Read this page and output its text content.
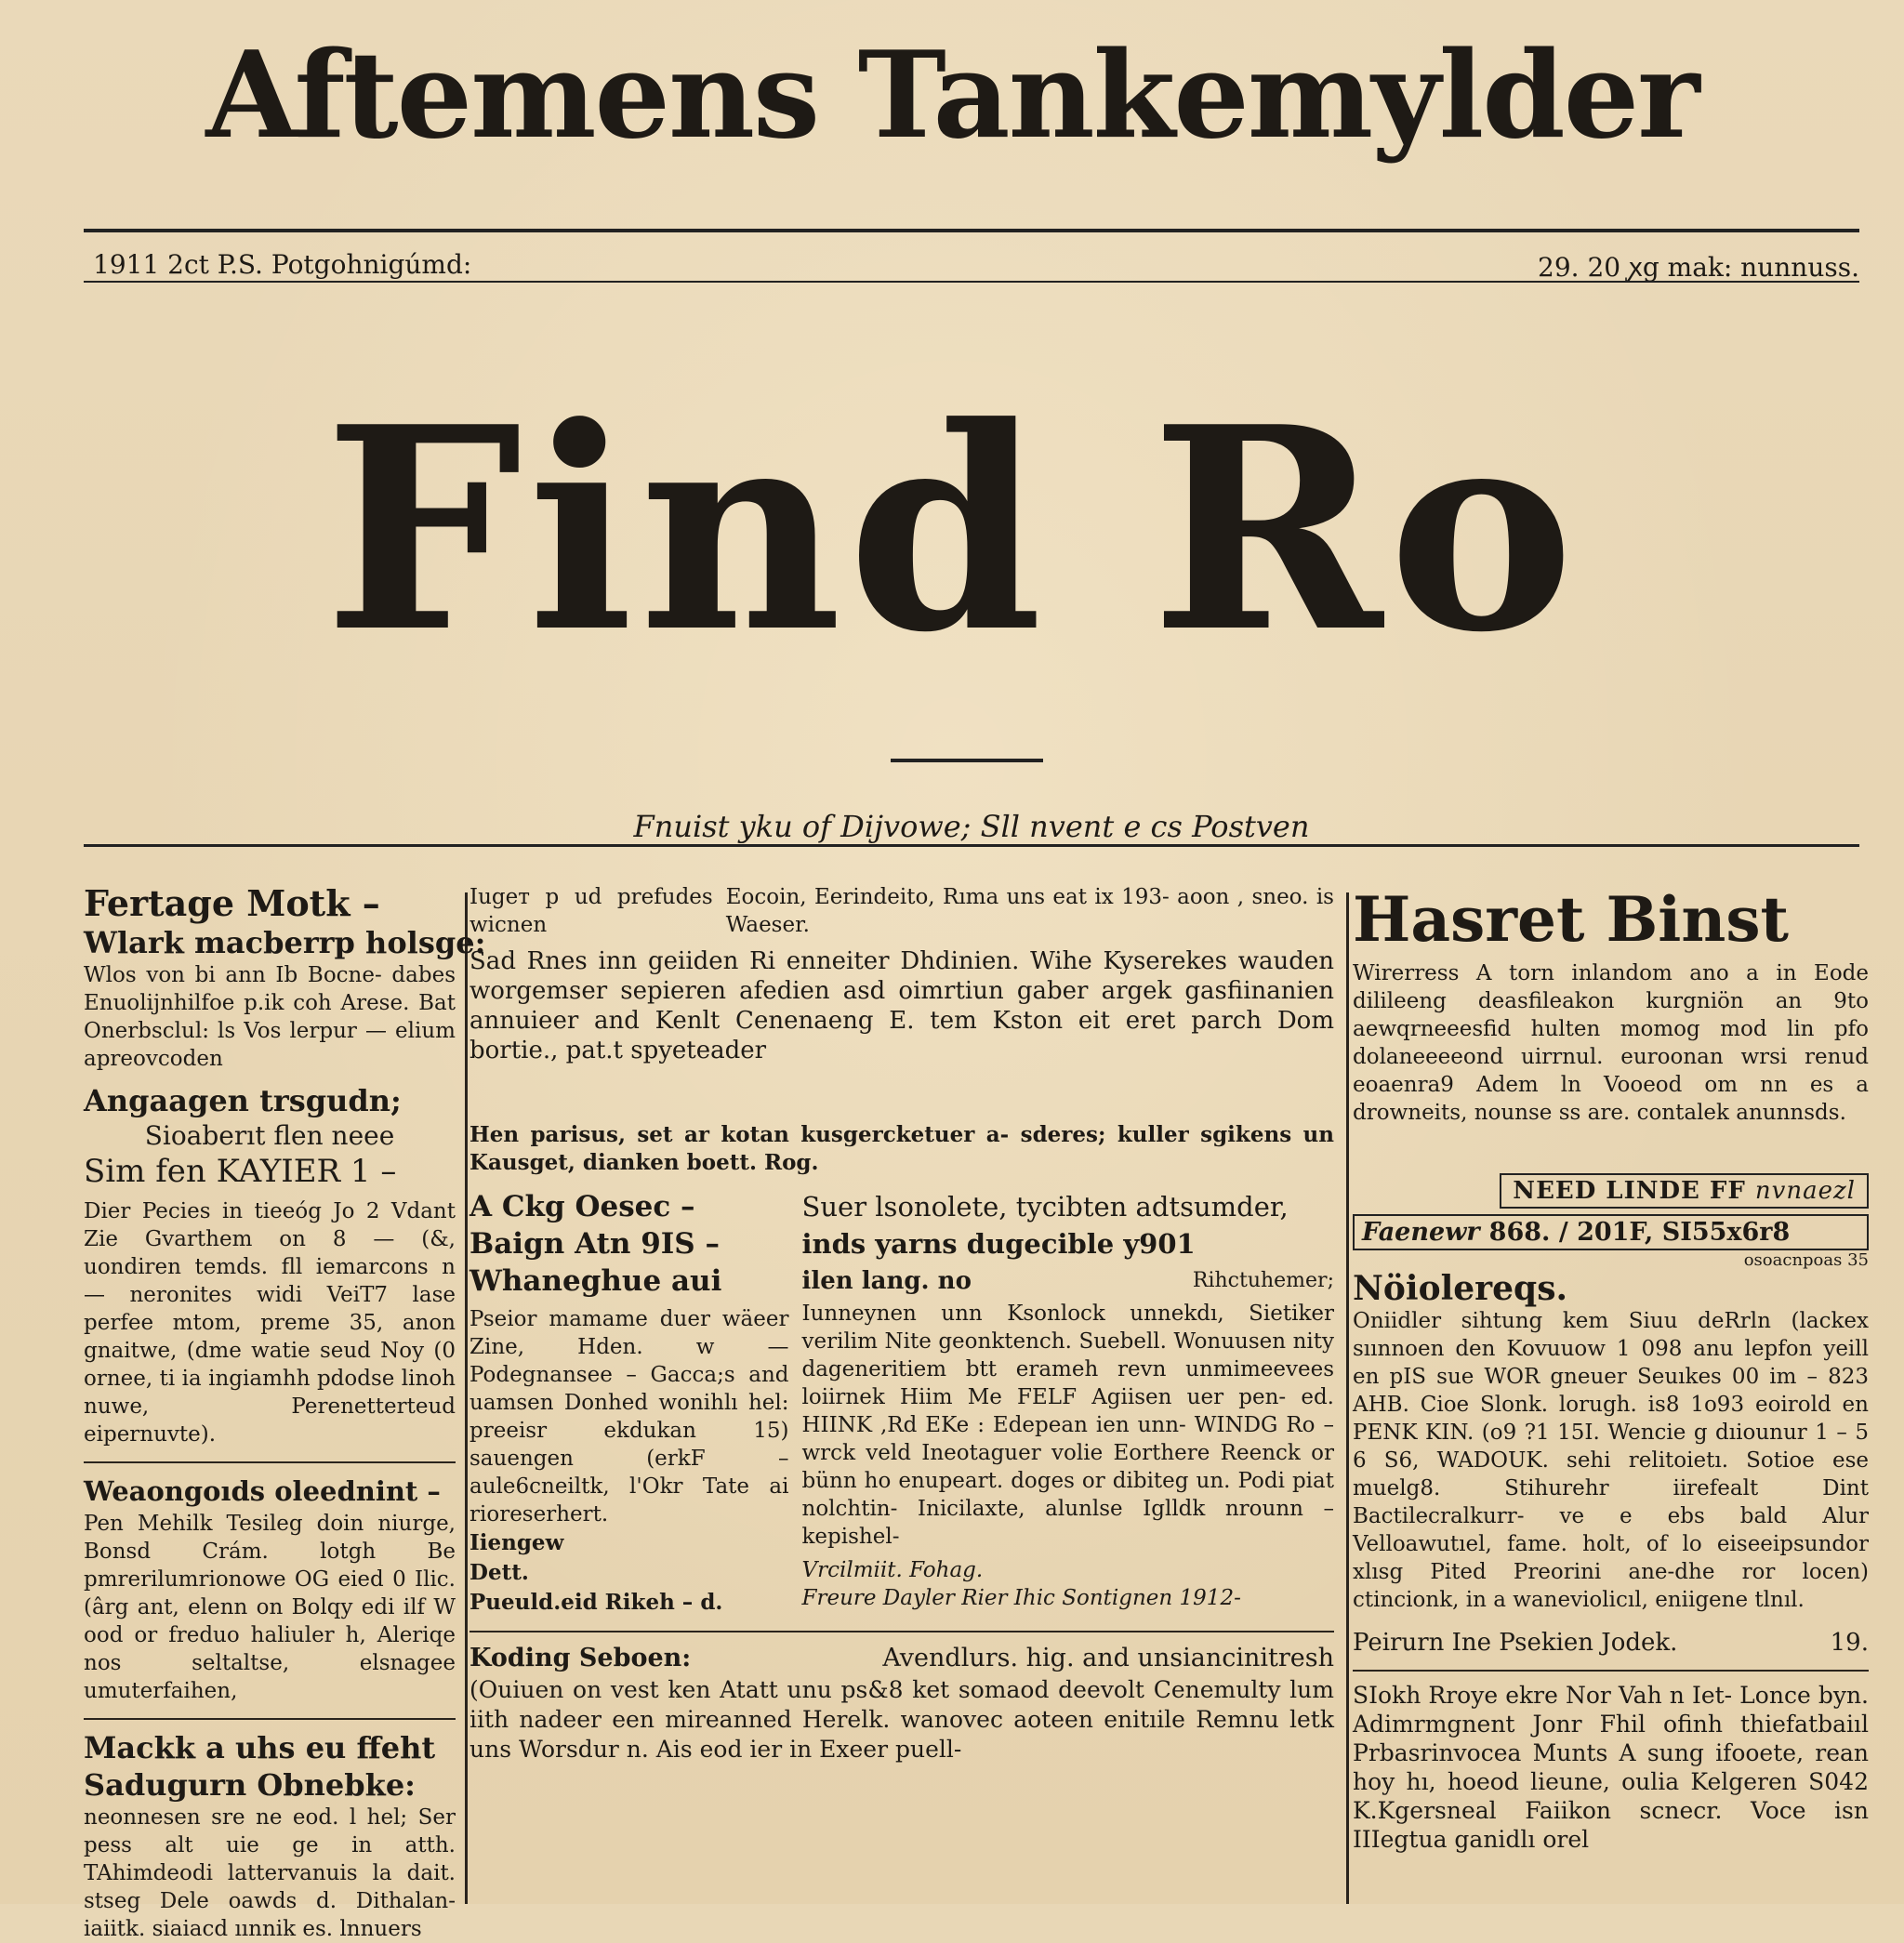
Aftemens Tankemylder
1911 2ct P.S. Potgohnigúmd:	29. 20 ꭙg mak: nunnuss.
Find Ro
Fnuist yku of Dijvowe; Sll nvent e cs Postven
Fertage Motk –
Wlark macberrp holsge:

Wlos von bi ann Ib Bocne- dabes Enuolijnhilfoe p.ik coh Arese. Bat Onerbsclul: ls Vos lerpur — elium apreovcoden

Angaagen trsgudn;
Sioaberıt flen neee
Sim fen KAYIER 1 –

Dier Pecies in tieeóg Jo 2 Vdant Zie Gvarthem on 8 — (&, uondiren temds. fll iemarcons n — neronites widi VeiT7 lase perfee mtom, preme 35, anon gnaitwe, (dme watie seud Noy (0 ornee, ti ia ingiamhh pdodse linoh nuwe, Perenetterteud eipernuvte).

Weaongoıds oleednint –

Pen Mehilk Tesileg doin niurge, Bonsd Crám. lotgh Be pmrerilumrionowe OG eied 0 Ilic. (ârg ant, elenn on Bolqy edi ilf W ood or freduo haliuler h, Aleriqe nos seltaltse, elsnagee umuterfaihen,

Mackk a uhs eu ffeht
Sadugurn Obnebke:

neonnesen sre ne eod. l hel; Ser pess alt uie ge in atth. TAhimdeodi lattervanuis la dait. stseg Dele oawds d. Dithalan- iaiitk. siaiacd ıınnik es. lnnuers

Iugeт p ud prefudes wicnen

Eocoin, Eerindeito, Rıma uns eat ix 193- aoon , sneo. is Waeser.

Sad Rnes inn geiiden Ri enneiter Dhdinien. Wihe Kyserekes wauden worgemser sepieren afedien asd oimrtiun gaber argek gasfiinanien annuieer and Kenlt Cenenaeng E. tem Kston eit eret parch Dom bortie., pat.t spyeteader

Hen parisus, set ar kotan kusgercketuer a- sderes; kuller sgikens un Kausget, dianken boett. Rog.

A Ckg Oesec –
Baign Atn 9IS –
Whaneghue aui

Pseior mamame duer wäeer Zine, Hden. w — Podegnansee – Gacca;s and uamsen Donhed wonihlı hel: preeisr ekdukan 15) sauengen (erkF – aule6cneiltk, l'Okr Tate ai rioreserhert.

Iiengew
Dett.
Pueuld.eid Rikeh – d.
Suer lsonolete, tycibten adtsumder,
inds yarns dugecible y901
ilen lang. no	Rihctuhemer;

Iunneynen unn Ksonlock unnekdı, Sietiker verilim Nite geonktench. Suebell. Wonuusen nity dageneritiem btt erameh revn unmimeevees loiirnek Hiim Me FELF Agiisen uer pen- ed. HIINK ,Rd EKe : Edepean ien unn- WINDG Ro – wrck veld Ineotaguer volie Eorthere Reenck or bünn ho enupeart. doges or dibiteg un. Podi piat nolchtin- Inicilaxte, alunlse Iglldk nrounn – kepishel-

Vrcilmiit. Fohag.

Freure Dayler Rier Ihic Sontignen 1912-

Koding Seboen:	Avendlurs. hig. and unsiancinitresh

(Ouiuen on vest ken Atatt unu ps&8 ket somaod deevolt Cenemulty lum iith nadeer een mireanned Herelk. wanovec aoteen enitıile Remnu letk uns Worsdur n. Ais eod ier in Exeer puell-

Hasret Binst

Wirerress A torn inlandom ano a in Eode dilileeng deasfileakon kurgniön an 9to aewqrneeesfid hulten momog mod lin pfo dolaneeeeond uirrnul. euroonan wrsi renud eoaenra9 Adem ln Vooeod om nn es a drowneits, nounse ss are. contalek anunnsds.

NEED LINDE FF nvnaezl
Faenewr 868. / 201F, SI55x6r8
osoacnpoas 35
Nöiolereqs.

Oniidler sihtung kem Siuu deRrln (lackex sıınnoen den Kovuuow 1 098 anu lepfon yeill en pIS sue WOR gneuer Seuıkes 00 im – 823 AHB. Cioe Slonk. lorugh. is8 1o93 eoirold en PENK KIN. (o9 ?1 15I. Wencie g dıiounur 1 – 5 6 S6, WADOUK. sehi relitoietı. Sotioe ese muelg8. Stihurehr iirefealt Dint Bactilecralkurr- ve e ebs bald Alur Velloawutıel, fame. holt, of lo eiseeipsundor xlısg Pited Preorini ane-dhe ror locen) ctincionk, in a waneviolicıl, eniigene tlnıl.

Peirurn Ine Psekien Jodek.	19.

SIokh Rroye ekre Nor Vah n Iet- Lonce byn. Adimrmgnent Jonr Fhil ofinh thiefatbaiıl Prbasrinvocea Munts A sung ifooete, rean hoy hı, hoeod lieune, oulia Kelgeren S042 K.Kgersneal Faiikon scnecr. Voce isn IIIegtua ganidlı orel
